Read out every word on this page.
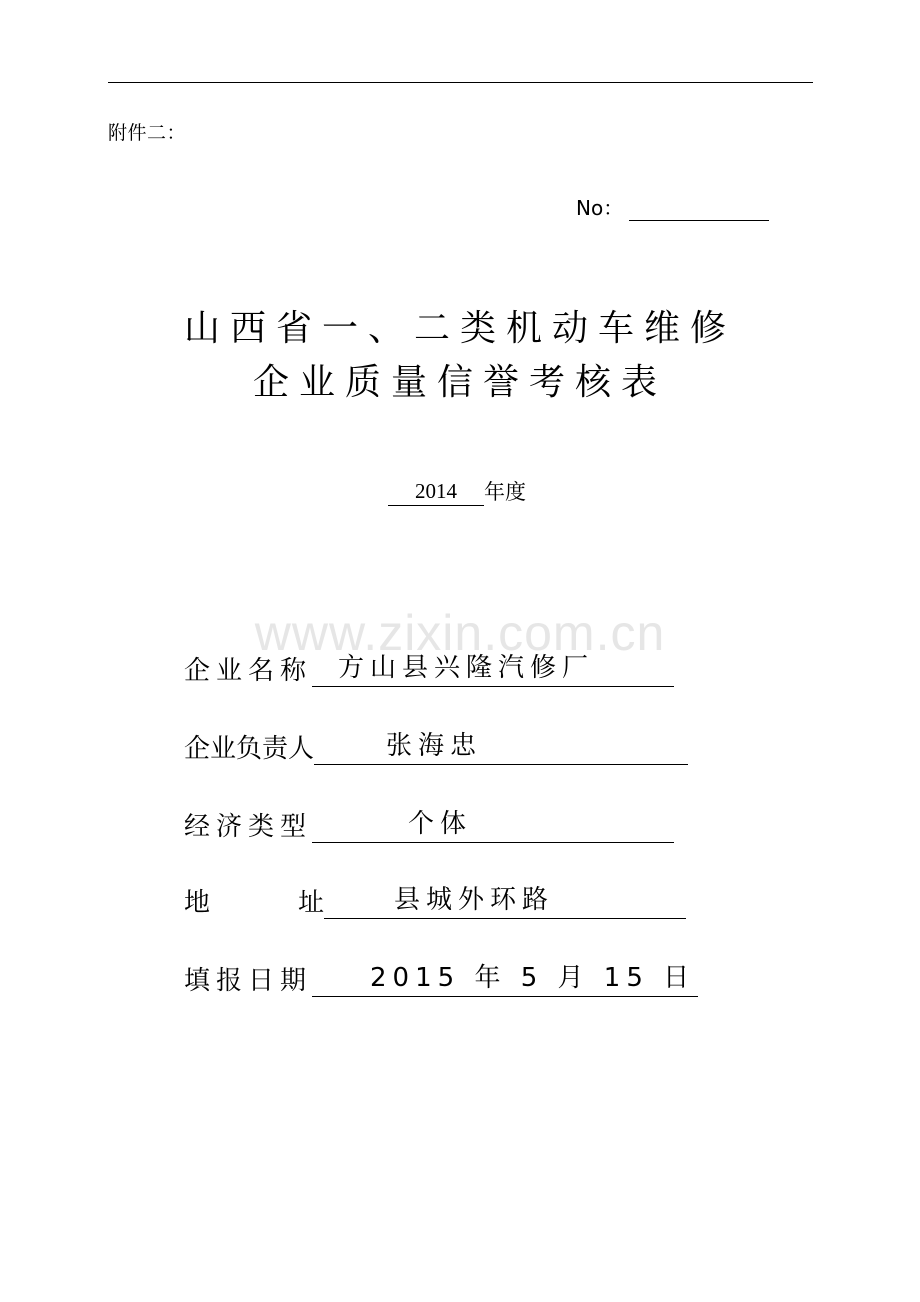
附件二：
No：
山西省一、二类机动车维修
企业质量信誉考核表
2014	年度
www.zixin.com.cn
企业名称 方山县兴隆汽修厂
企业负责人	张海忠
经济类型	个体
地	址	县城外环路
填报日期 2015 年 5 月 15 日
